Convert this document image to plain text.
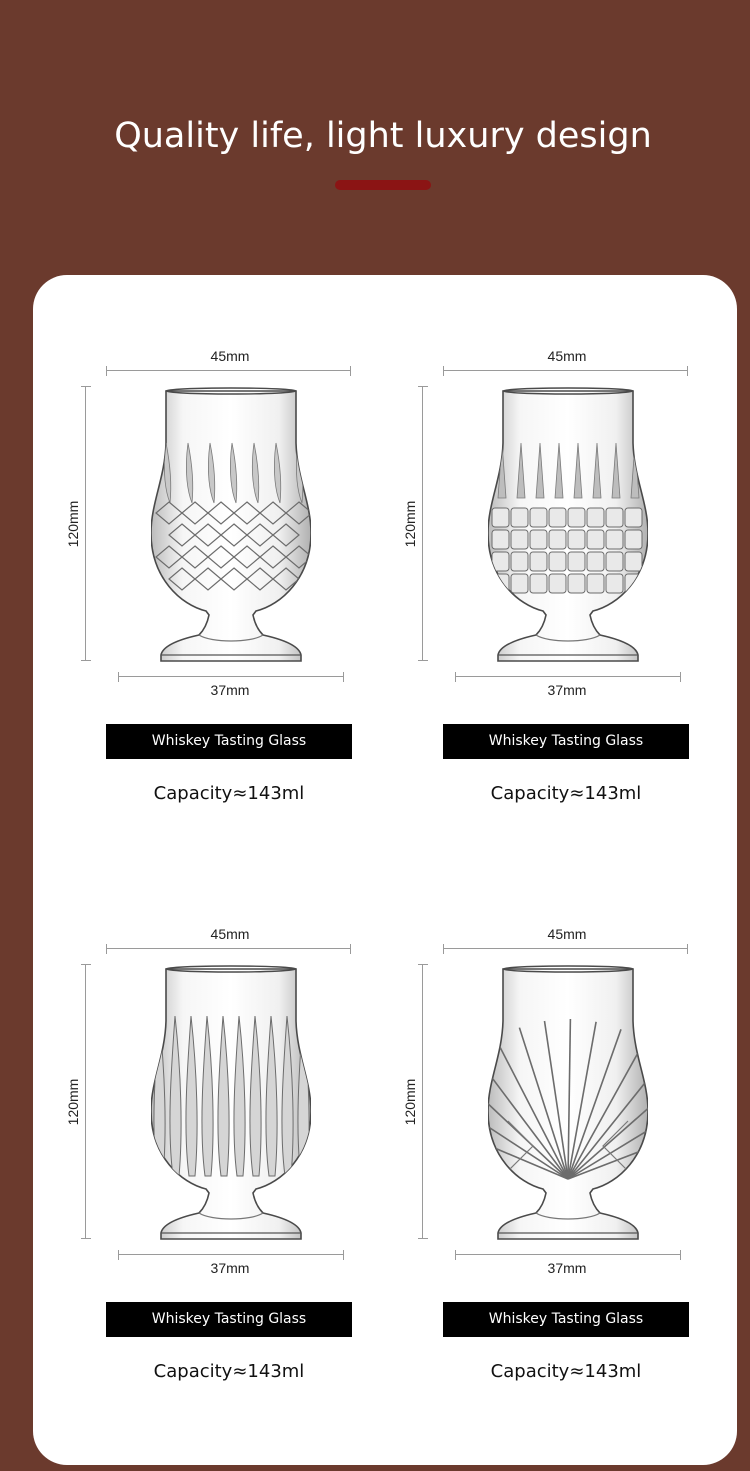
Quality life, light luxury design
45mm
120mm
37mm
Whiskey Tasting Glass
Capacity≈143ml
45mm
120mm
37mm
Whiskey Tasting Glass
Capacity≈143ml
45mm
120mm
37mm
Whiskey Tasting Glass
Capacity≈143ml
45mm
120mm
37mm
Whiskey Tasting Glass
Capacity≈143ml
